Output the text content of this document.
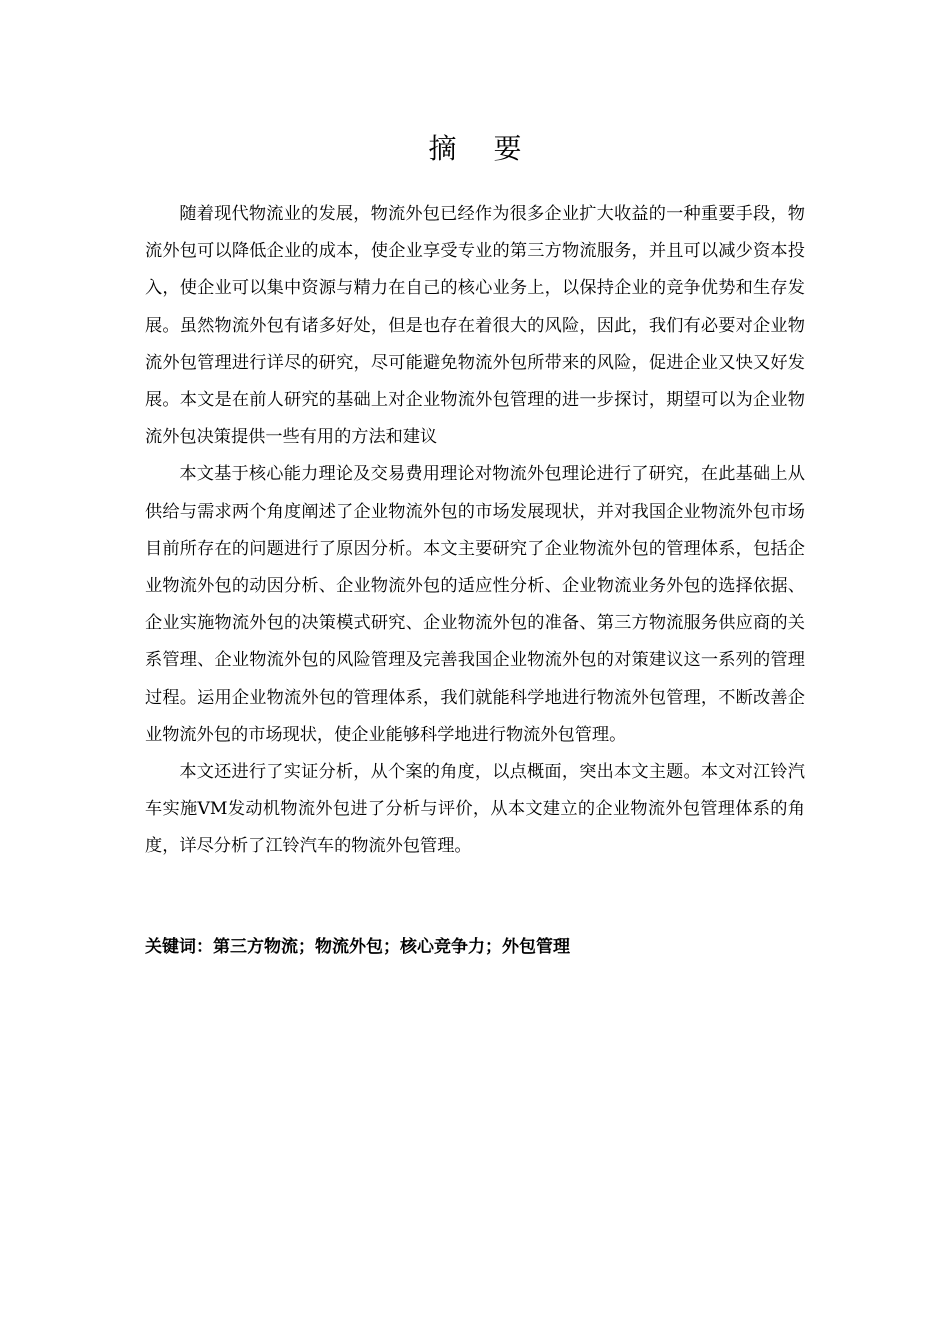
摘 要

随着现代物流业的发展，物流外包已经作为很多企业扩大收益的一种重要手段，物流外包可以降低企业的成本，使企业享受专业的第三方物流服务，并且可以减少资本投入，使企业可以集中资源与精力在自己的核心业务上，以保持企业的竞争优势和生存发展。虽然物流外包有诸多好处，但是也存在着很大的风险，因此，我们有必要对企业物流外包管理进行详尽的研究，尽可能避免物流外包所带来的风险，促进企业又快又好发展。本文是在前人研究的基础上对企业物流外包管理的进一步探讨，期望可以为企业物流外包决策提供一些有用的方法和建议

本文基于核心能力理论及交易费用理论对物流外包理论进行了研究，在此基础上从供给与需求两个角度阐述了企业物流外包的市场发展现状，并对我国企业物流外包市场目前所存在的问题进行了原因分析。本文主要研究了企业物流外包的管理体系，包括企业物流外包的动因分析、企业物流外包的适应性分析、企业物流业务外包的选择依据、企业实施物流外包的决策模式研究、企业物流外包的准备、第三方物流服务供应商的关系管理、企业物流外包的风险管理及完善我国企业物流外包的对策建议这一系列的管理过程。运用企业物流外包的管理体系，我们就能科学地进行物流外包管理，不断改善企业物流外包的市场现状，使企业能够科学地进行物流外包管理。

本文还进行了实证分析，从个案的角度，以点概面，突出本文主题。本文对江铃汽车实施VM发动机物流外包进了分析与评价，从本文建立的企业物流外包管理体系的角度，详尽分析了江铃汽车的物流外包管理。

关键词：第三方物流；物流外包；核心竞争力；外包管理
